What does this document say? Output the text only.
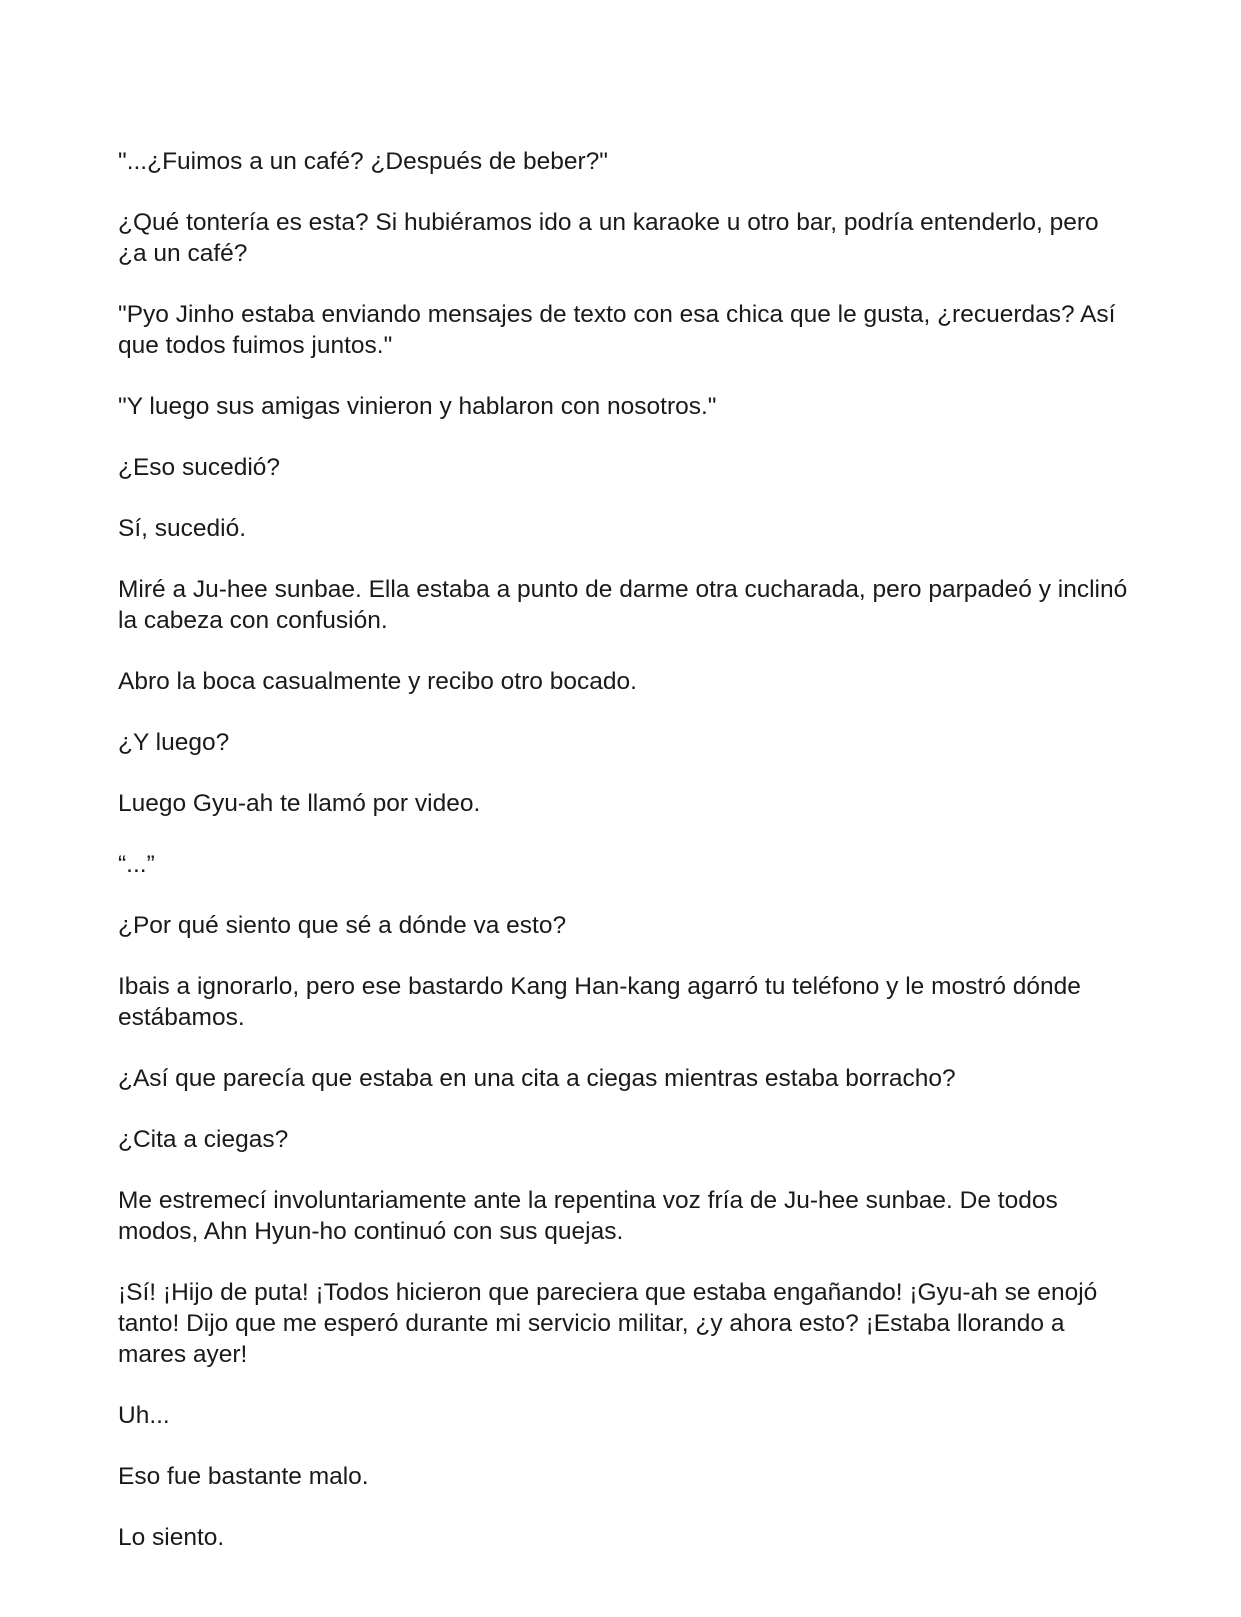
"...¿Fuimos a un café? ¿Después de beber?"

¿Qué tontería es esta? Si hubiéramos ido a un karaoke u otro bar, podría entenderlo, pero ¿a un café?

"Pyo Jinho estaba enviando mensajes de texto con esa chica que le gusta, ¿recuerdas? Así que todos fuimos juntos."

"Y luego sus amigas vinieron y hablaron con nosotros."

¿Eso sucedió?

Sí, sucedió.

Miré a Ju-hee sunbae. Ella estaba a punto de darme otra cucharada, pero parpadeó y inclinó la cabeza con confusión.

Abro la boca casualmente y recibo otro bocado.

¿Y luego?

Luego Gyu-ah te llamó por video.

“...”

¿Por qué siento que sé a dónde va esto?

Ibais a ignorarlo, pero ese bastardo Kang Han-kang agarró tu teléfono y le mostró dónde estábamos.

¿Así que parecía que estaba en una cita a ciegas mientras estaba borracho?

¿Cita a ciegas?

Me estremecí involuntariamente ante la repentina voz fría de Ju-hee sunbae. De todos modos, Ahn Hyun-ho continuó con sus quejas.

¡Sí! ¡Hijo de puta! ¡Todos hicieron que pareciera que estaba engañando! ¡Gyu-ah se enojó tanto! Dijo que me esperó durante mi servicio militar, ¿y ahora esto? ¡Estaba llorando a mares ayer!

Uh...

Eso fue bastante malo.

Lo siento.
